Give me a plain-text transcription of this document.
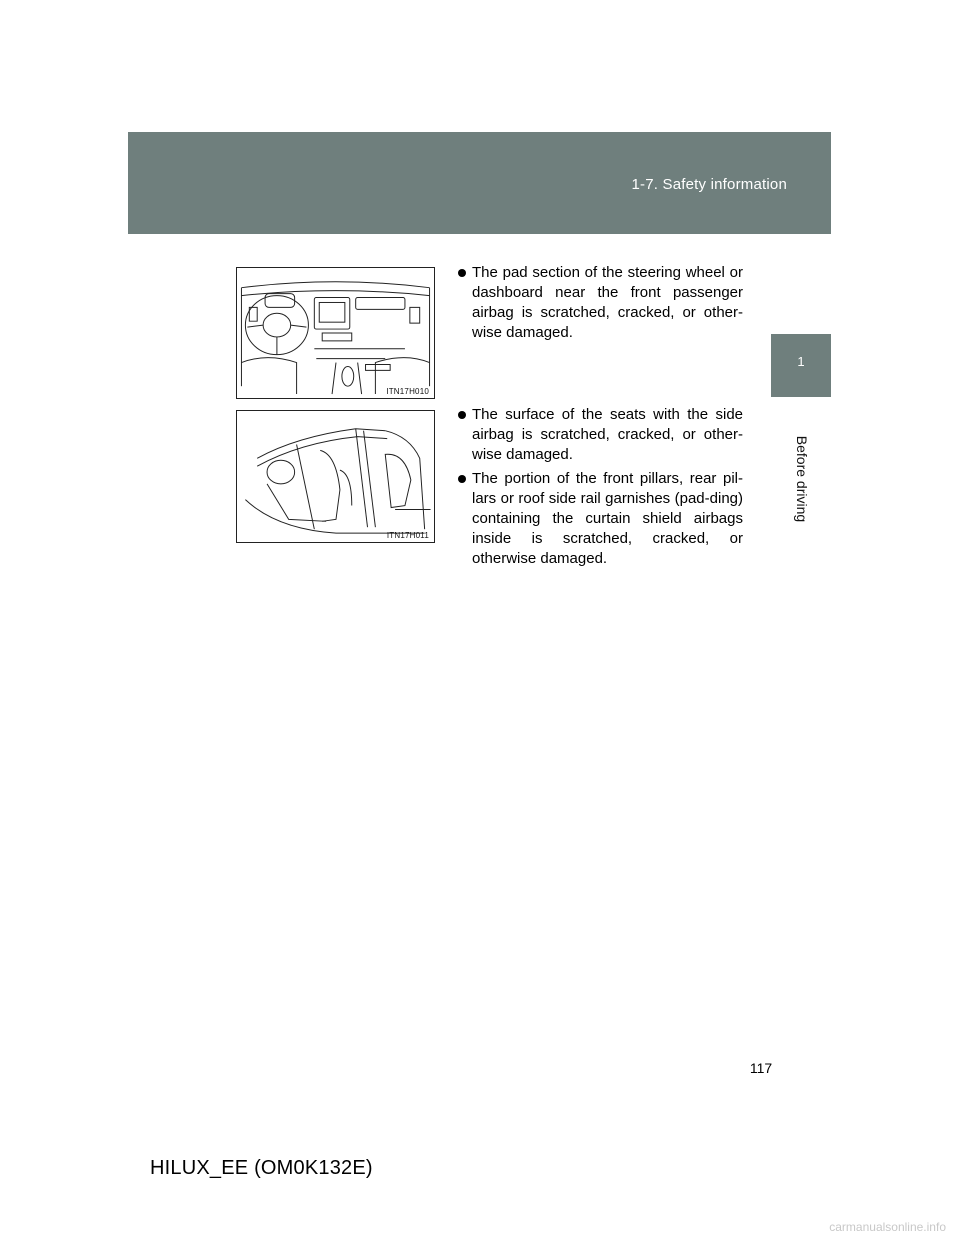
1-7. Safety information
1
Before driving
ITN17H010
ITN17H011
The pad section of the steering wheel or dashboard near the front passenger airbag is scratched, cracked, or other-wise damaged.
The surface of the seats with the side airbag is scratched, cracked, or other-wise damaged.
The portion of the front pillars, rear pil-lars or roof side rail garnishes (pad-ding) containing the curtain shield airbags inside is scratched, cracked, or otherwise damaged.
117
HILUX_EE (OM0K132E)
carmanualsonline.info
